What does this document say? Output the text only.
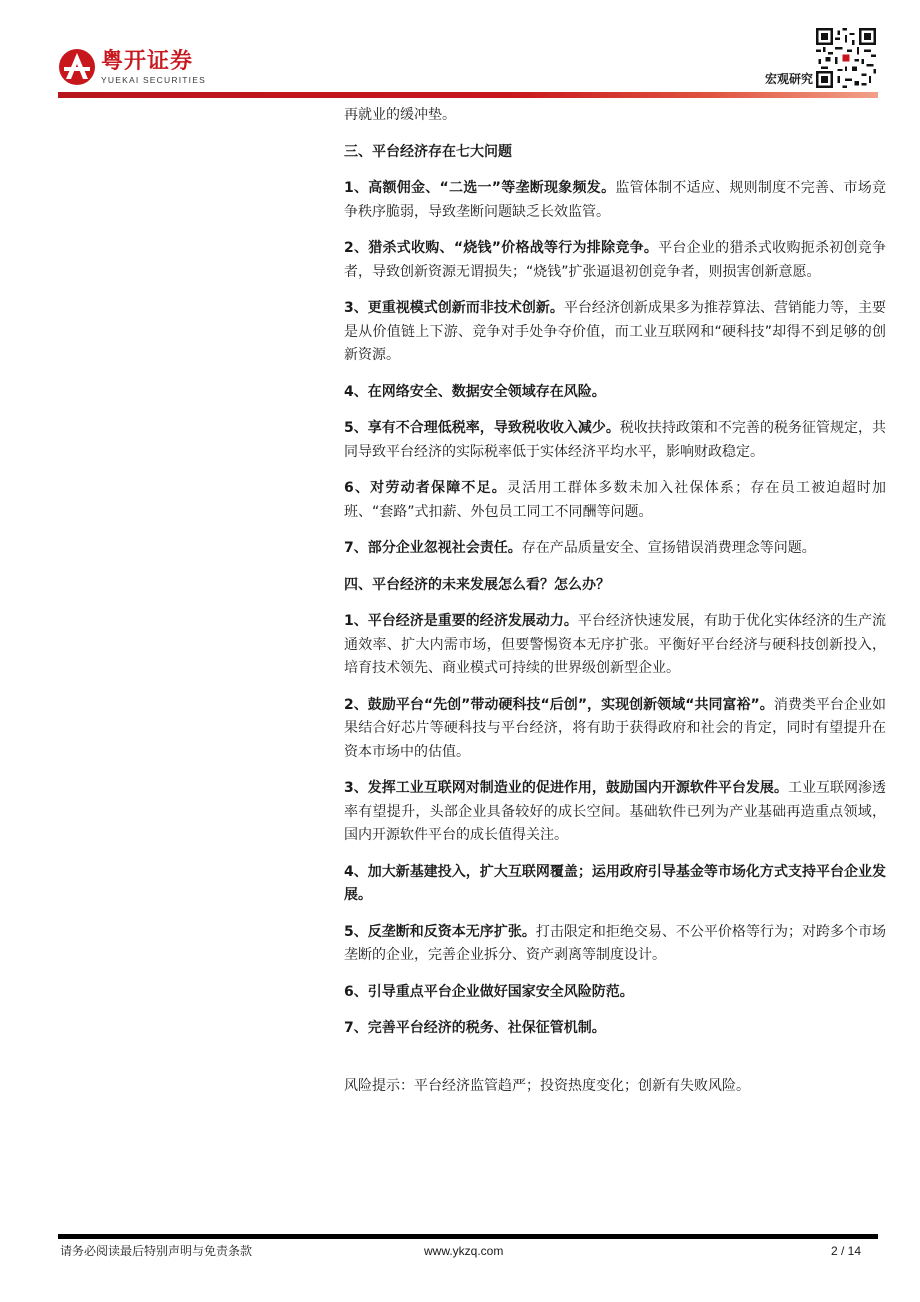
粤开证券
YUEKAI SECURITIES	宏观研究

再就业的缓冲垫。

三、平台经济存在七大问题

1、高额佣金、“二选一”等垄断现象频发。监管体制不适应、规则制度不完善、市场竞争秩序脆弱，导致垄断问题缺乏长效监管。

2、猎杀式收购、“烧钱”价格战等行为排除竞争。平台企业的猎杀式收购扼杀初创竞争者，导致创新资源无谓损失；“烧钱”扩张逼退初创竞争者，则损害创新意愿。

3、更重视模式创新而非技术创新。平台经济创新成果多为推荐算法、营销能力等，主要是从价值链上下游、竞争对手处争夺价值，而工业互联网和“硬科技”却得不到足够的创新资源。

4、在网络安全、数据安全领域存在风险。

5、享有不合理低税率，导致税收收入减少。税收扶持政策和不完善的税务征管规定，共同导致平台经济的实际税率低于实体经济平均水平，影响财政稳定。

6、对劳动者保障不足。灵活用工群体多数未加入社保体系；存在员工被迫超时加班、“套路”式扣薪、外包员工同工不同酬等问题。

7、部分企业忽视社会责任。存在产品质量安全、宣扬错误消费理念等问题。

四、平台经济的未来发展怎么看？怎么办？

1、平台经济是重要的经济发展动力。平台经济快速发展，有助于优化实体经济的生产流通效率、扩大内需市场，但要警惕资本无序扩张。平衡好平台经济与硬科技创新投入，培育技术领先、商业模式可持续的世界级创新型企业。

2、鼓励平台“先创”带动硬科技“后创”，实现创新领域“共同富裕”。消费类平台企业如果结合好芯片等硬科技与平台经济，将有助于获得政府和社会的肯定，同时有望提升在资本市场中的估值。

3、发挥工业互联网对制造业的促进作用，鼓励国内开源软件平台发展。工业互联网渗透率有望提升，头部企业具备较好的成长空间。基础软件已列为产业基础再造重点领域，国内开源软件平台的成长值得关注。

4、加大新基建投入，扩大互联网覆盖；运用政府引导基金等市场化方式支持平台企业发展。

5、反垄断和反资本无序扩张。打击限定和拒绝交易、不公平价格等行为；对跨多个市场垄断的企业，完善企业拆分、资产剥离等制度设计。

6、引导重点平台企业做好国家安全风险防范。

7、完善平台经济的税务、社保征管机制。

风险提示：平台经济监管趋严；投资热度变化；创新有失败风险。

请务必阅读最后特别声明与免责条款	www.ykzq.com	2 / 14
